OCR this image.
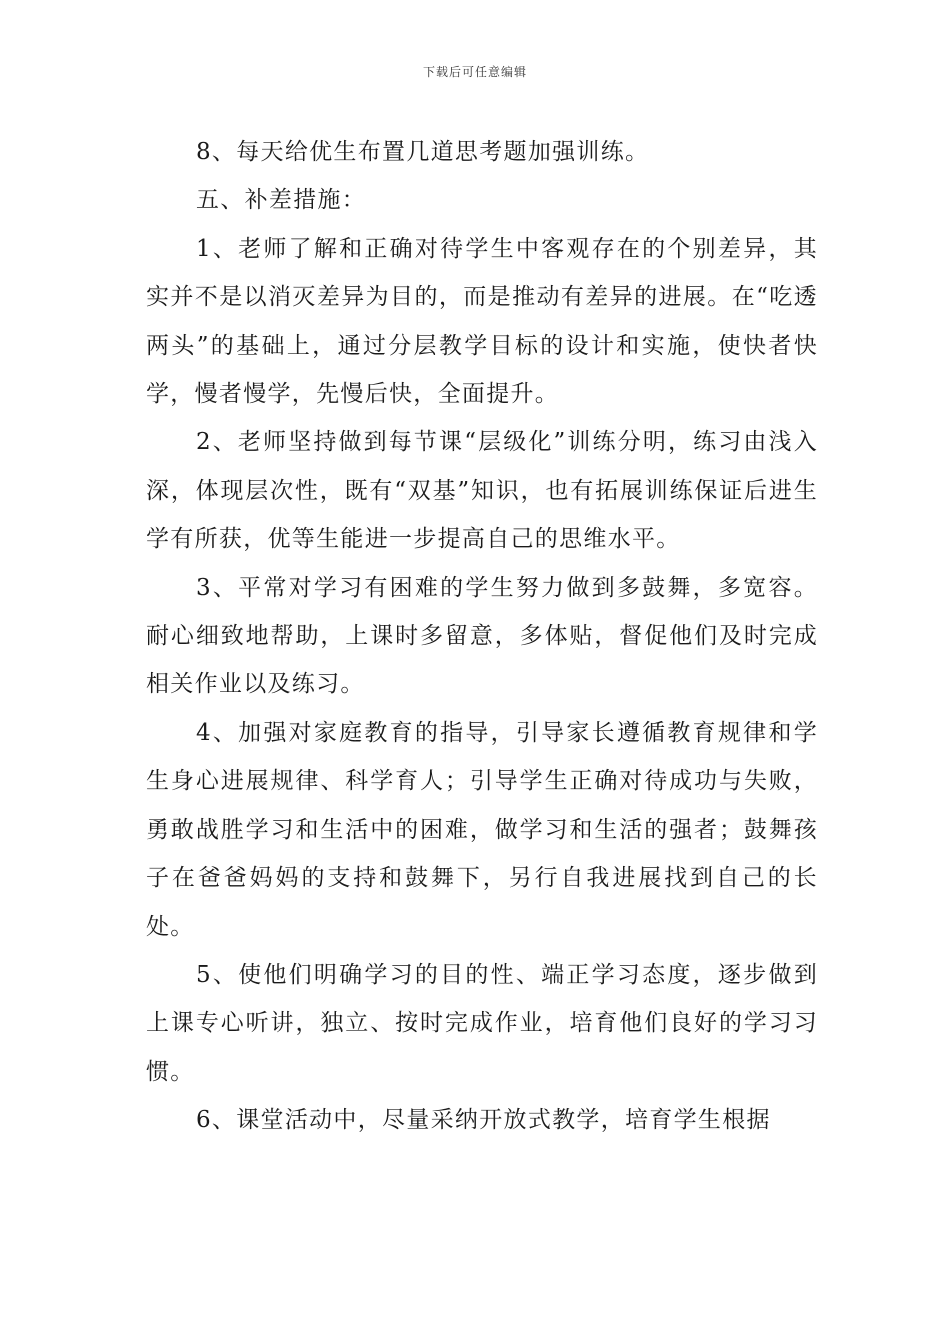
下载后可任意编辑

8、每天给优生布置几道思考题加强训练。

五、补差措施：

1、老师了解和正确对待学生中客观存在的个别差异，其实并不是以消灭差异为目的，而是推动有差异的进展。在“吃透两头”的基础上，通过分层教学目标的设计和实施，使快者快学，慢者慢学，先慢后快，全面提升。

2、老师坚持做到每节课“层级化”训练分明，练习由浅入深，体现层次性，既有“双基”知识，也有拓展训练保证后进生学有所获，优等生能进一步提高自己的思维水平。

3、平常对学习有困难的学生努力做到多鼓舞，多宽容。耐心细致地帮助，上课时多留意，多体贴，督促他们及时完成相关作业以及练习。

4、加强对家庭教育的指导，引导家长遵循教育规律和学生身心进展规律、科学育人；引导学生正确对待成功与失败，勇敢战胜学习和生活中的困难，做学习和生活的强者；鼓舞孩子在爸爸妈妈的支持和鼓舞下，另行自我进展找到自己的长处。

5、使他们明确学习的目的性、端正学习态度，逐步做到上课专心听讲，独立、按时完成作业，培育他们良好的学习习惯。

6、课堂活动中，尽量采纳开放式教学，培育学生根据
